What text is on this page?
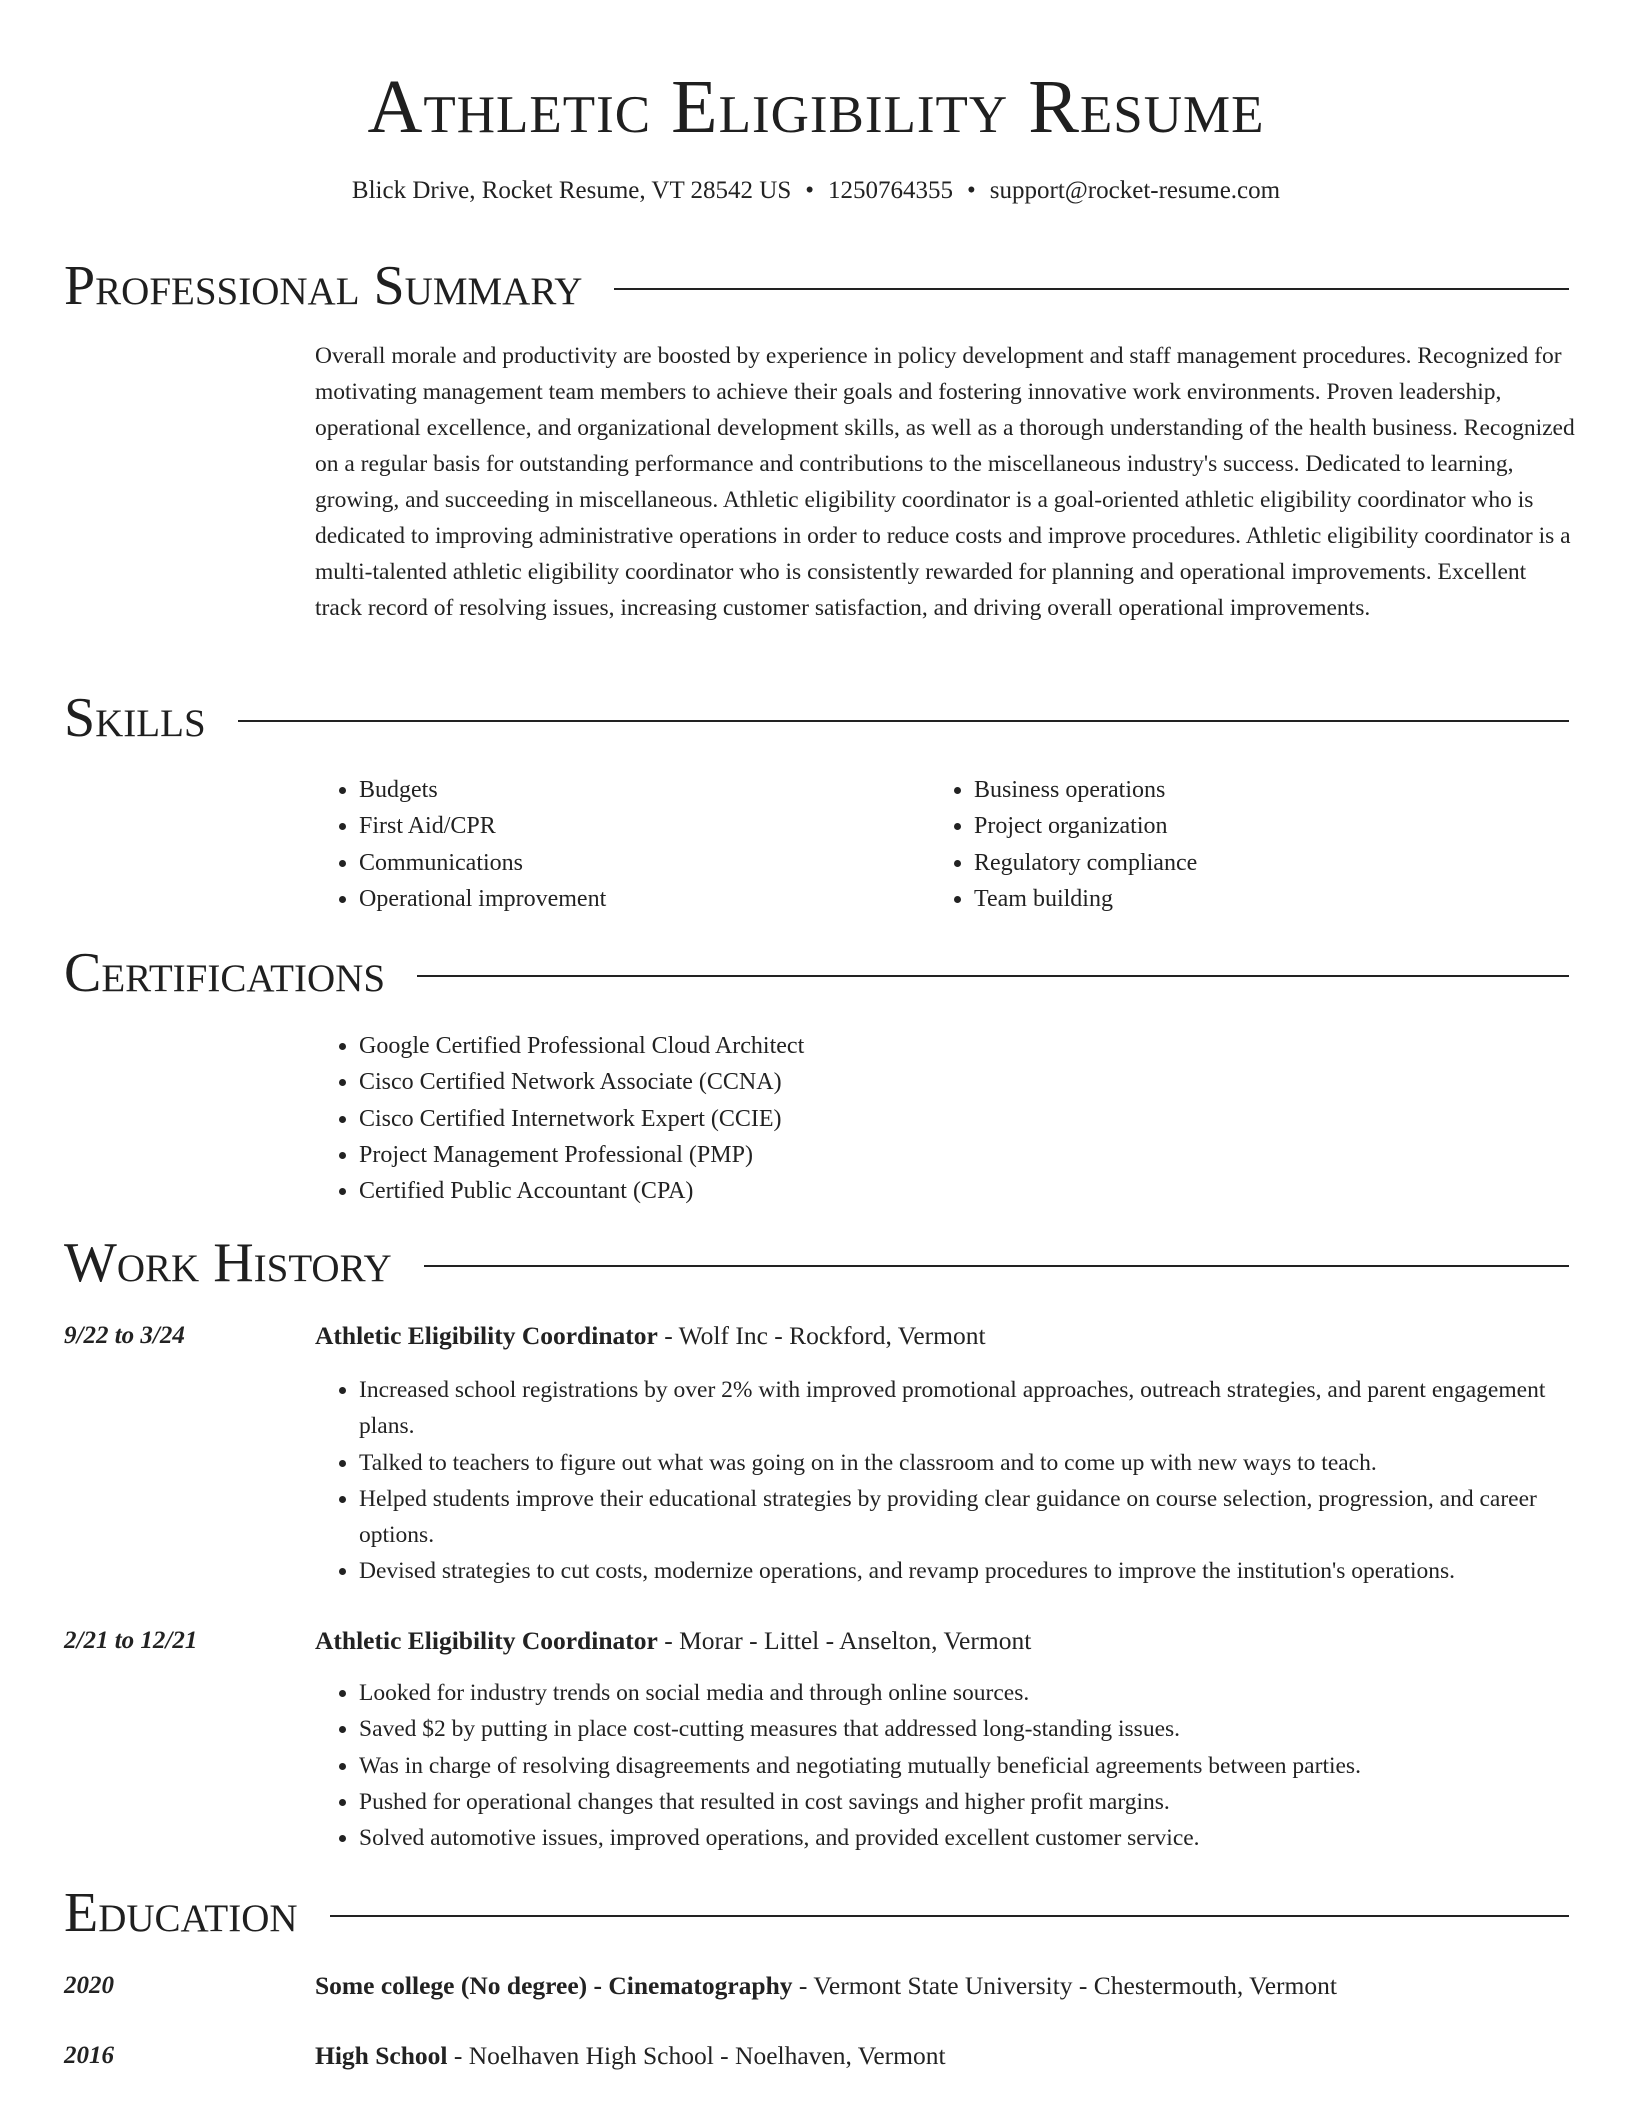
Athletic Eligibility Resume
Blick Drive, Rocket Resume, VT 28542 US • 1250764355 • support@rocket-resume.com
Professional Summary
Overall morale and productivity are boosted by experience in policy development and staff management procedures. Recognized for motivating management team members to achieve their goals and fostering innovative work environments. Proven leadership, operational excellence, and organizational development skills, as well as a thorough understanding of the health business. Recognized on a regular basis for outstanding performance and contributions to the miscellaneous industry's success. Dedicated to learning, growing, and succeeding in miscellaneous. Athletic eligibility coordinator is a goal-oriented athletic eligibility coordinator who is dedicated to improving administrative operations in order to reduce costs and improve procedures. Athletic eligibility coordinator is a multi-talented athletic eligibility coordinator who is consistently rewarded for planning and operational improvements. Excellent track record of resolving issues, increasing customer satisfaction, and driving overall operational improvements.
Skills
• Budgets
• First Aid/CPR
• Communications
• Operational improvement
• Business operations
• Project organization
• Regulatory compliance
• Team building
Certifications
• Google Certified Professional Cloud Architect
• Cisco Certified Network Associate (CCNA)
• Cisco Certified Internetwork Expert (CCIE)
• Project Management Professional (PMP)
• Certified Public Accountant (CPA)
Work History
9/22 to 3/24	Athletic Eligibility Coordinator - Wolf Inc - Rockford, Vermont
• Increased school registrations by over 2% with improved promotional approaches, outreach strategies, and parent engagement plans.
• Talked to teachers to figure out what was going on in the classroom and to come up with new ways to teach.
• Helped students improve their educational strategies by providing clear guidance on course selection, progression, and career options.
• Devised strategies to cut costs, modernize operations, and revamp procedures to improve the institution's operations.
2/21 to 12/21	Athletic Eligibility Coordinator - Morar - Littel - Anselton, Vermont
• Looked for industry trends on social media and through online sources.
• Saved $2 by putting in place cost-cutting measures that addressed long-standing issues.
• Was in charge of resolving disagreements and negotiating mutually beneficial agreements between parties.
• Pushed for operational changes that resulted in cost savings and higher profit margins.
• Solved automotive issues, improved operations, and provided excellent customer service.
Education
2020	Some college (No degree) - Cinematography - Vermont State University - Chestermouth, Vermont
2016	High School - Noelhaven High School - Noelhaven, Vermont
